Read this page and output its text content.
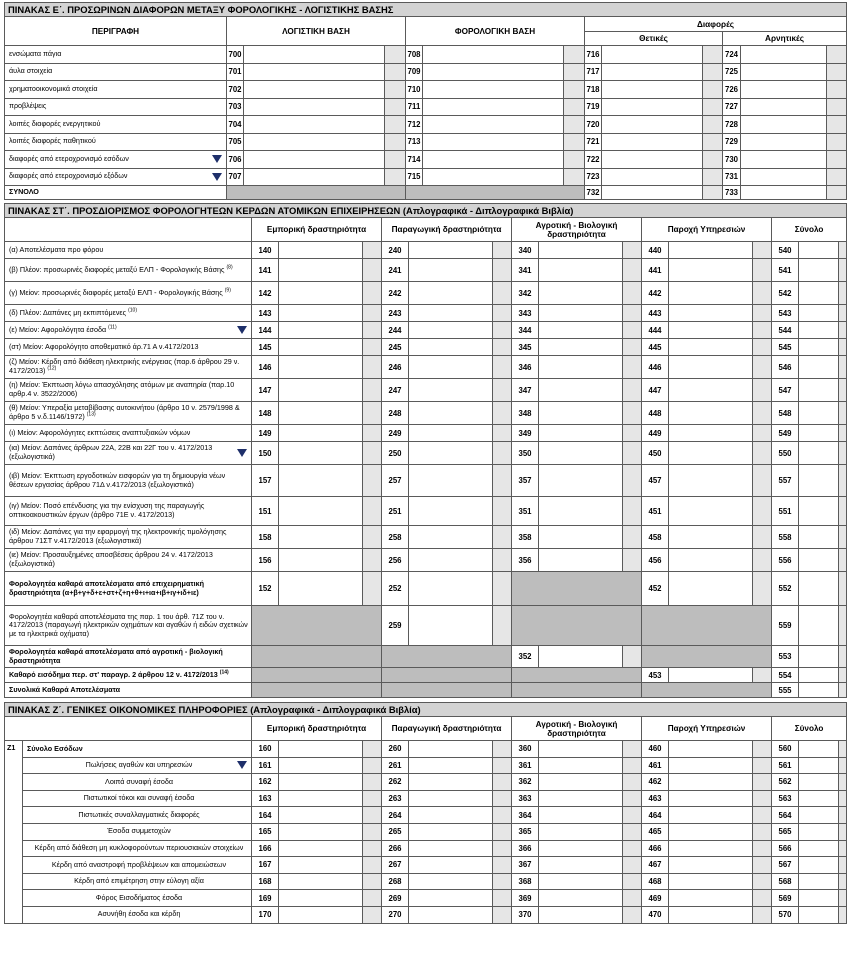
ΠΙΝΑΚΑΣ Ε΄. ΠΡΟΣΩΡΙΝΩΝ ΔΙΑΦΟΡΩΝ ΜΕΤΑΞΥ ΦΟΡΟΛΟΓΙΚΗΣ - ΛΟΓΙΣΤΙΚΗΣ ΒΑΣΗΣ												
ΠΕΡΙΓΡΑΦΗ	ΛΟΓΙΣΤΙΚΗ ΒΑΣΗ			ΦΟΡΟΛΟΓΙΚΗ ΒΑΣΗ			Διαφορές					
							Θετικές			Αρνητικές		
ενσώματα πάγια	700			708			716			724		
άυλα στοιχεία	701			709			717			725		
χρηματοοικονομικά στοιχεία	702			710			718			726		
προβλέψεις	703			711			719			727		
λοιπές διαφορές ενεργητικού	704			712			720			728		
λοιπές διαφορές παθητικού	705			713			721			729		
διαφορές από ετεροχρονισμό εσόδων	706			714			722			730		
διαφορές από ετεροχρονισμό εξόδων	707			715			723			731		
ΣΥΝΟΛΟ							732			733		
ΠΙΝΑΚΑΣ ΣΤ΄. ΠΡΟΣΔΙΟΡΙΣΜΟΣ ΦΟΡΟΛΟΓΗΤΕΩΝ ΚΕΡΔΩΝ ΑΤΟΜΙΚΩΝ ΕΠΙΧΕΙΡΗΣΕΩΝ (Απλογραφικά - Διπλογραφικά Βιβλία)															
	Εμπορική δραστηριότητα			Παραγωγική δραστηριότητα			Αγροτική - Βιολογική δραστηριότητα			Παροχή Υπηρεσιών			Σύνολο		
(α) Αποτελέσματα προ φόρου	140			240			340			440			540		
(β) Πλέον: προσωρινές διαφορές μεταξύ ΕΛΠ - Φορολογικής Βάσης $^{(8)}$	141			241			341			441			541		
(γ) Μείον: προσωρινές διαφορές μεταξύ ΕΛΠ - Φορολογικής Βάσης $^{(9)}$	142			242			342			442			542		
(δ) Πλέον: Δαπάνες μη εκπιπτόμενες $^{(10)}$	143			243			343			443			543		
(ε) Μείον: Αφορολόγητα έσοδα $^{(11)}$	144			244			344			444			544		
(στ) Μείον: Αφορολόγητο αποθεματικό άρ.71 Α ν.4172/2013	145			245			345			445			545		
(ζ) Μείον: Κέρδη από διάθεση ηλεκτρικής ενέργειας (παρ.6 άρθρου 29 ν. 4172/2013) $^{(12)}$	146			246			346			446			546		
(η) Μείον: Έκπτωση λόγω απασχόλησης ατόμων με αναπηρία (παρ.10 αρθρ.4 ν. 3522/2006)	147			247			347			447			547		
(θ) Μείον: Υπεραξία μεταβίβασης αυτοκινήτου (άρθρο 10 ν. 2579/1998 & άρθρο 5 ν.δ.1146/1972) $^{(13)}$	148			248			348			448			548		
(ι) Μείον: Αφορολόγητες εκπτώσεις αναπτυξιακών νόμων	149			249			349			449			549		
(ια) Μείον: Δαπάνες άρθρων 22Α, 22Β και 22Γ του ν. 4172/2013 (εξωλογιστικά)	150			250			350			450			550		
(ιβ) Μείον: Έκπτωση εργοδοτικών εισφορών για τη δημιουργία νέων θέσεων εργασίας άρθρου 71Δ ν.4172/2013 (εξωλογιστικά)	157			257			357			457			557		
(ιγ) Μείον: Ποσό επένδυσης για την ενίσχυση της παραγωγής οπτικοακουστικών έργων (άρθρο 71Ε ν. 4172/2013)	151			251			351			451			551		
(ιδ) Μείον: Δαπάνες για την εφαρμογή της ηλεκτρονικής τιμολόγησης άρθρου 71ΣΤ ν.4172/2013 (εξωλογιστικά)	158			258			358			458			558		
(ιε) Μείον: Προσαυξημένες αποσβέσεις άρθρου 24 ν. 4172/2013 (εξωλογιστικά)	156			256			356			456			556		
Φορολογητέα καθαρά αποτελέσματα από επιχειρηματική δραστηριότητα (α+β+γ+δ+ε+στ+ζ+η+θ+ι+ια+ιβ+ιγ+ιδ+ιε)	152			252						452			552		
Φορολογητέα καθαρά αποτελέσματα της παρ. 1 του άρθ. 71Ζ του ν. 4172/2013 (παραγωγή ηλεκτρικών οχημάτων και αγαθών ή ειδών σχετικών με τα ηλεκτρικά οχήματα)				259									559		
Φορολογητέα καθαρά αποτελέσματα από αγροτική - βιολογική δραστηριότητα							352						553		
Καθαρό εισόδημα περ. στ' παραγρ. 2 άρθρου 12 ν. 4172/2013 $^{(14)}$										453			554		
Συνολικά Καθαρά Αποτελέσματα													555		
ΠΙΝΑΚΑΣ Ζ΄. ΓΕΝΙΚΕΣ ΟΙΚΟΝΟΜΙΚΕΣ ΠΛΗΡΟΦΟΡΙΕΣ (Απλογραφικά - Διπλογραφικά Βιβλία)																
		Εμπορική δραστηριότητα			Παραγωγική δραστηριότητα			Αγροτική - Βιολογική δραστηριότητα			Παροχή Υπηρεσιών			Σύνολο		
Ζ1	Σύνολο Εσόδων	160			260			360			460			560		
	Πωλήσεις αγαθών και υπηρεσιών	161			261			361			461			561		
	Λοιπά συναφή έσοδα	162			262			362			462			562		
	Πιστωτικοί τόκοι και συναφή έσοδα	163			263			363			463			563		
	Πιστωτικές συναλλαγματικές διαφορές	164			264			364			464			564		
	Έσοδα συμμετοχών	165			265			365			465			565		
	Κέρδη από διάθεση μη κυκλοφορούντων περιουσιακών στοιχείων	166			266			366			466			566		
	Κέρδη από αναστροφή προβλέψεων και απομειώσεων	167			267			367			467			567		
	Κέρδη από επιμέτρηση στην εύλογη αξία	168			268			368			468			568		
	Φόρος Εισοδήματος έσοδα	169			269			369			469			569		
	Ασυνήθη έσοδα και κέρδη	170			270			370			470			570		
